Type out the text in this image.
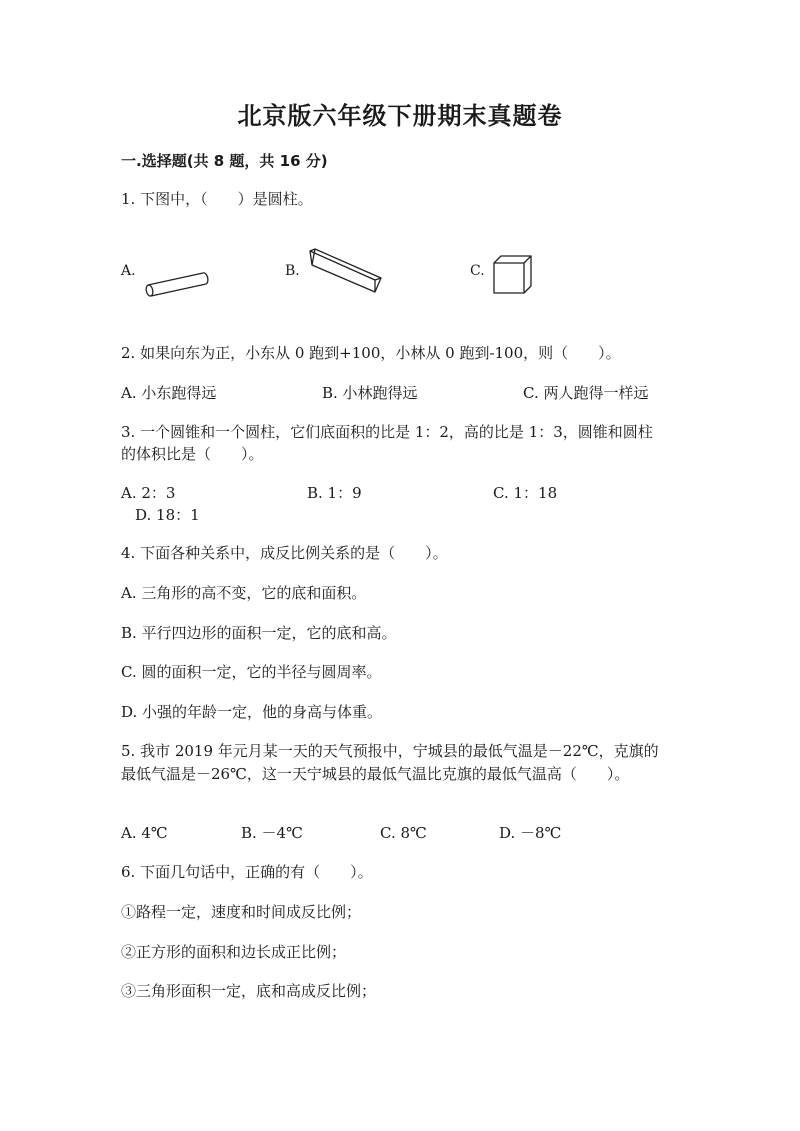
北京版六年级下册期末真题卷
一.选择题(共 8 题，共 16 分)
1. 下图中，（　　）是圆柱。
A.	B.	C.
2. 如果向东为正，小东从 0 跑到+100，小林从 0 跑到-100，则（　　）。
A. 小东跑得远	B. 小林跑得远	C. 两人跑得一样远
3. 一个圆锥和一个圆柱，它们底面积的比是 1：2，高的比是 1：3，圆锥和圆柱
的体积比是（　　）。
A. 2：3	B. 1：9	C. 1：18
D. 18：1
4. 下面各种关系中，成反比例关系的是（　　）。
A. 三角形的高不变，它的底和面积。
B. 平行四边形的面积一定，它的底和高。
C. 圆的面积一定，它的半径与圆周率。
D. 小强的年龄一定，他的身高与体重。
5. 我市 2019 年元月某一天的天气预报中，宁城县的最低气温是－22℃，克旗的
最低气温是－26℃，这一天宁城县的最低气温比克旗的最低气温高（　　）。
A. 4℃	B. －4℃	C. 8℃	D. －8℃
6. 下面几句话中，正确的有（　　）。
①路程一定，速度和时间成反比例；
②正方形的面积和边长成正比例；
③三角形面积一定，底和高成反比例；
